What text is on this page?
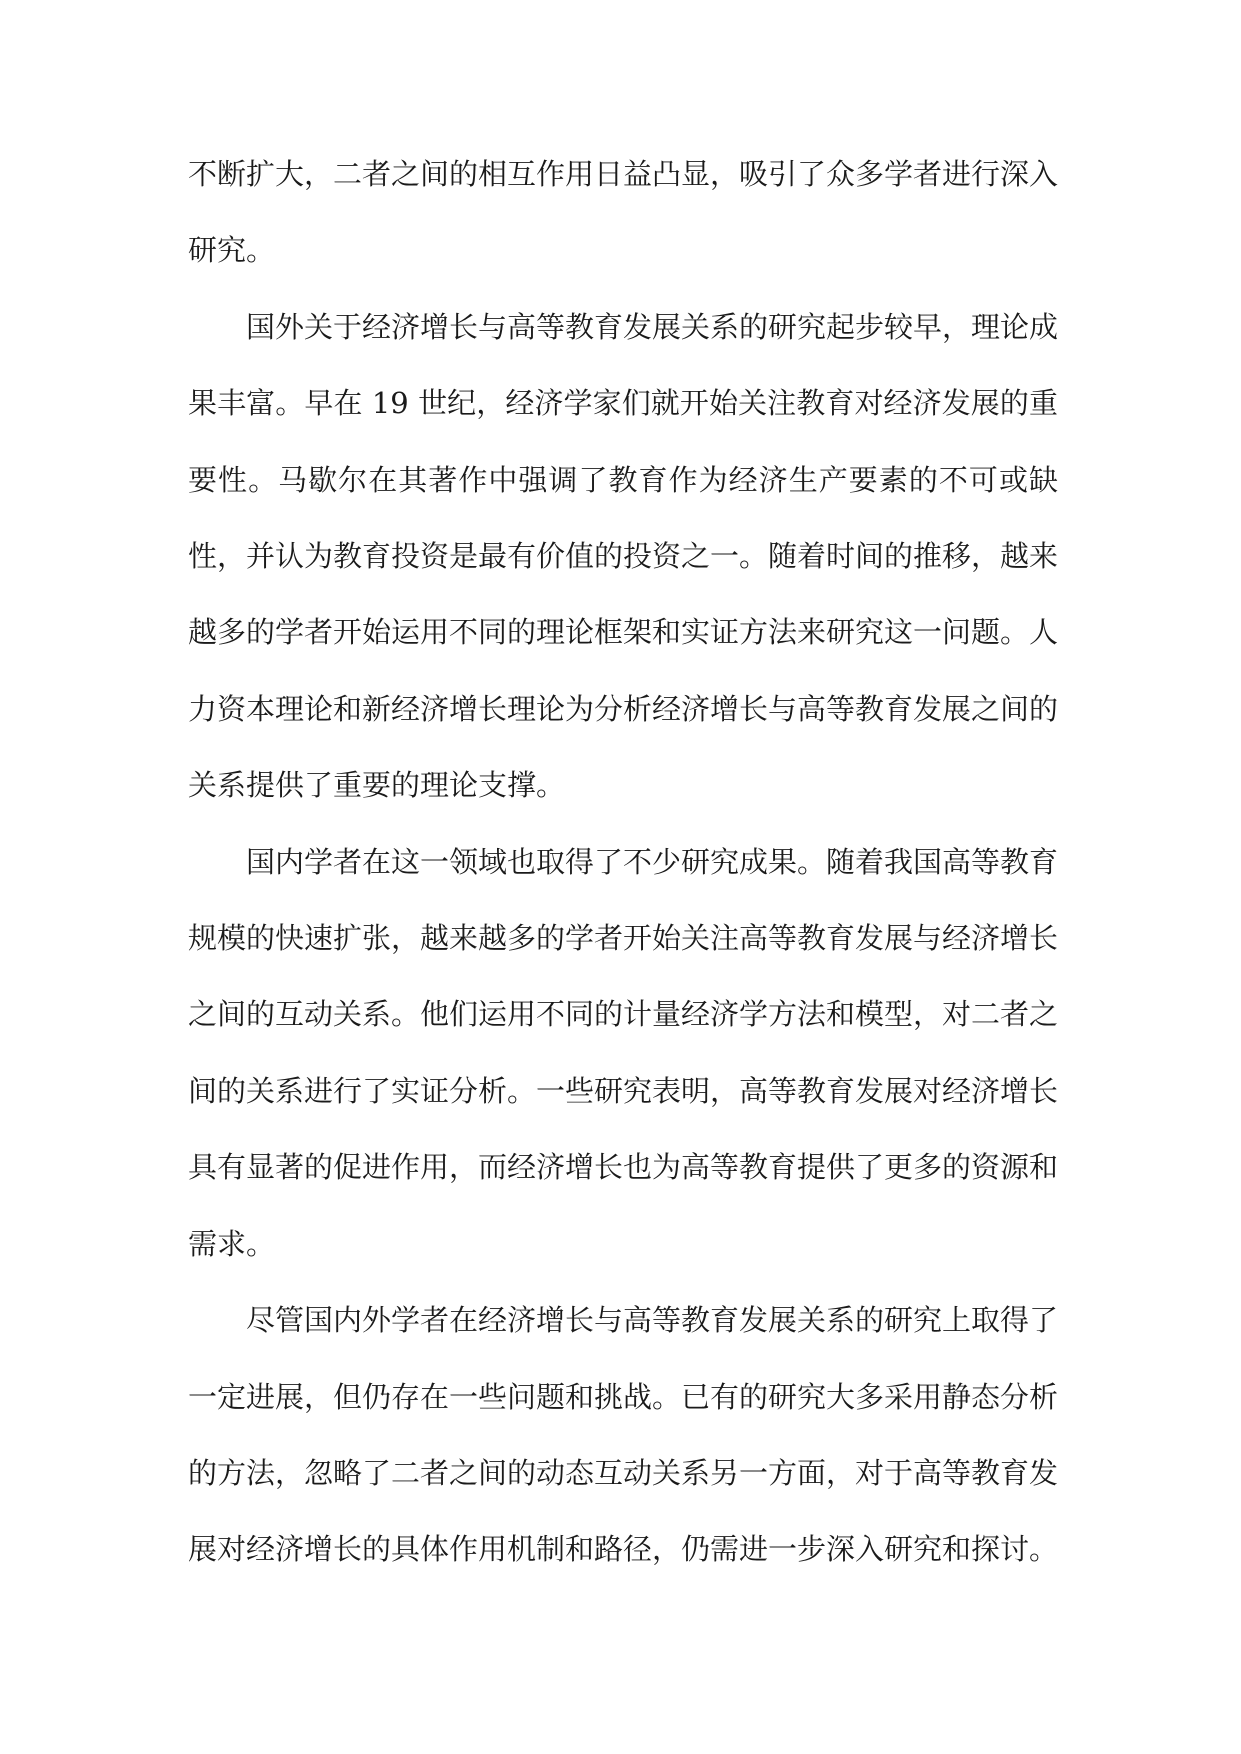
不断扩大，二者之间的相互作用日益凸显，吸引了众多学者进行深入研究。

国外关于经济增长与高等教育发展关系的研究起步较早，理论成果丰富。早在 19 世纪，经济学家们就开始关注教育对经济发展的重要性。马歇尔在其著作中强调了教育作为经济生产要素的不可或缺性，并认为教育投资是最有价值的投资之一。随着时间的推移，越来越多的学者开始运用不同的理论框架和实证方法来研究这一问题。人力资本理论和新经济增长理论为分析经济增长与高等教育发展之间的关系提供了重要的理论支撑。

国内学者在这一领域也取得了不少研究成果。随着我国高等教育规模的快速扩张，越来越多的学者开始关注高等教育发展与经济增长之间的互动关系。他们运用不同的计量经济学方法和模型，对二者之间的关系进行了实证分析。一些研究表明，高等教育发展对经济增长具有显著的促进作用，而经济增长也为高等教育提供了更多的资源和需求。

尽管国内外学者在经济增长与高等教育发展关系的研究上取得了一定进展，但仍存在一些问题和挑战。已有的研究大多采用静态分析的方法，忽略了二者之间的动态互动关系另一方面，对于高等教育发展对经济增长的具体作用机制和路径，仍需进一步深入研究和探讨。
